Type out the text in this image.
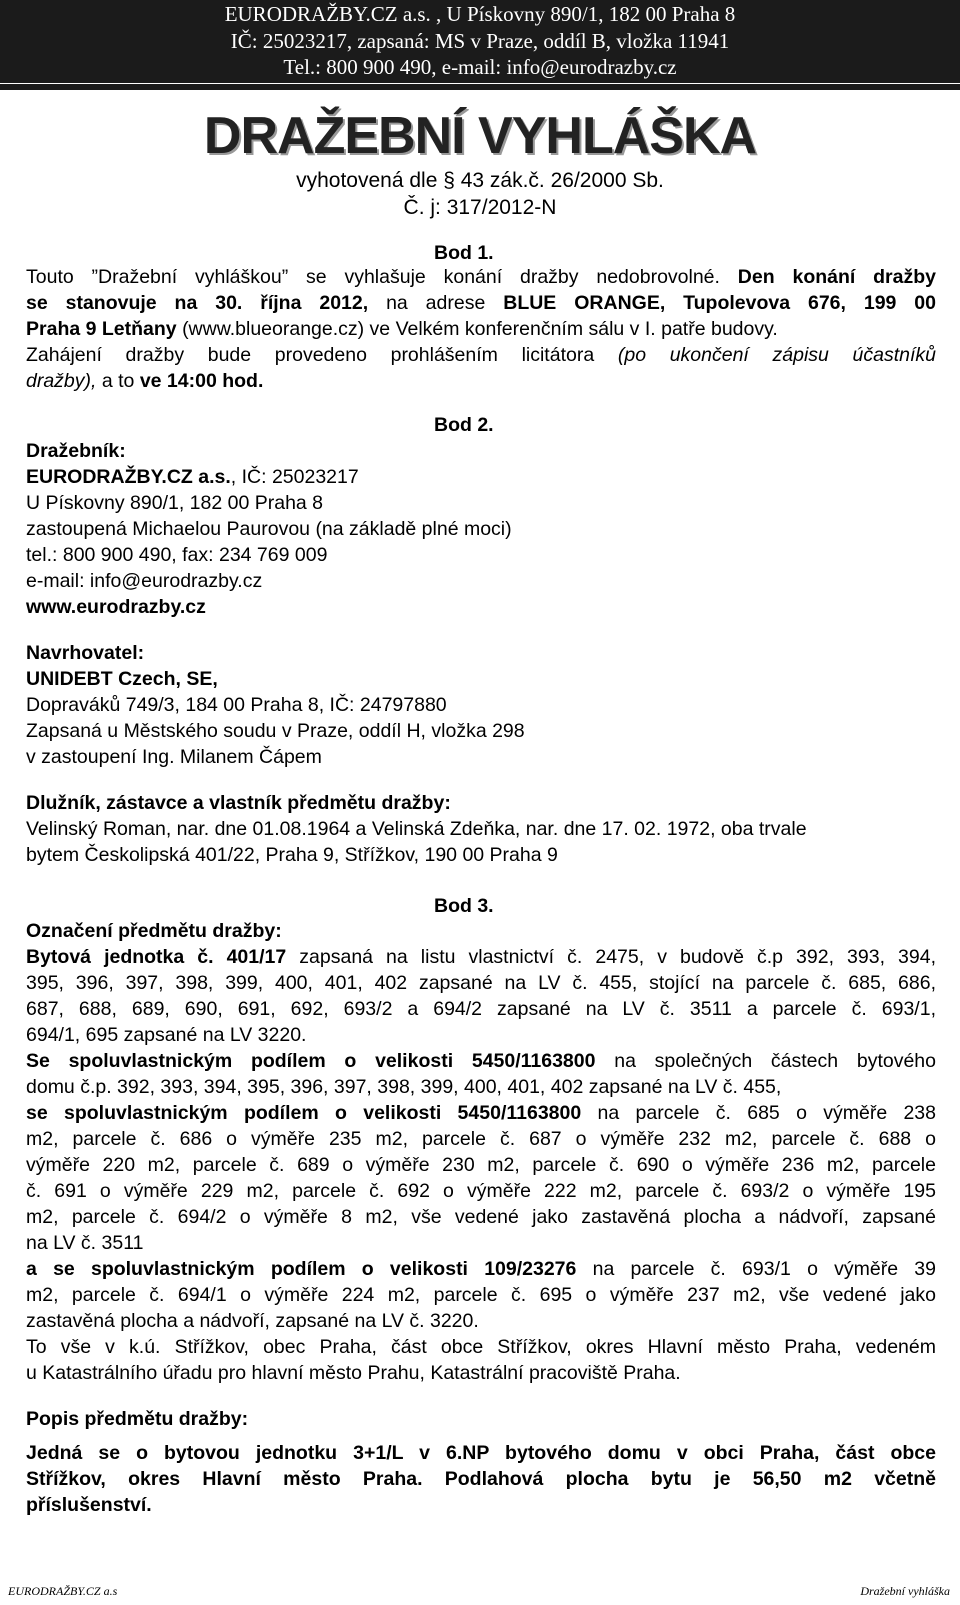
EURODRAŽBY.CZ a.s. , U Pískovny 890/1, 182 00 Praha 8
IČ: 25023217, zapsaná: MS v Praze, oddíl B, vložka 11941
Tel.: 800 900 490, e-mail: info@eurodrazby.cz
DRAŽEBNÍ VYHLÁŠKA
vyhotovená dle § 43 zák.č. 26/2000 Sb.
Č. j: 317/2012-N
Bod 1.
Touto ”Dražební vyhláškou” se vyhlašuje konání dražby nedobrovolné. Den konání dražby
se stanovuje na 30. října 2012, na adrese BLUE ORANGE, Tupolevova 676, 199 00
Praha 9 Letňany (www.blueorange.cz) ve Velkém konferenčním sálu v I. patře budovy.
Zahájení dražby bude provedeno prohlášením licitátora (po ukončení zápisu účastníků
dražby), a to ve 14:00 hod.
Bod 2.
Dražebník:
EURODRAŽBY.CZ a.s., IČ: 25023217
U Pískovny 890/1, 182 00 Praha 8
zastoupená Michaelou Paurovou (na základě plné moci)
tel.: 800 900 490, fax: 234 769 009
e-mail: info@eurodrazby.cz
www.eurodrazby.cz
Navrhovatel:
UNIDEBT Czech, SE,
Dopraváků 749/3, 184 00 Praha 8, IČ: 24797880
Zapsaná u Městského soudu v Praze, oddíl H, vložka 298
v zastoupení Ing. Milanem Čápem
Dlužník, zástavce a vlastník předmětu dražby:
Velinský Roman, nar. dne 01.08.1964 a Velinská Zdeňka, nar. dne 17. 02. 1972, oba trvale
bytem Českolipská 401/22, Praha 9, Střížkov, 190 00 Praha 9
Bod 3.
Označení předmětu dražby:
Bytová jednotka č. 401/17 zapsaná na listu vlastnictví č. 2475, v budově č.p 392, 393, 394,
395, 396, 397, 398, 399, 400, 401, 402 zapsané na LV č. 455, stojící na parcele č. 685, 686,
687, 688, 689, 690, 691, 692, 693/2 a 694/2 zapsané na LV č. 3511 a parcele č. 693/1,
694/1, 695 zapsané na LV 3220.
Se spoluvlastnickým podílem o velikosti 5450/1163800 na společných částech bytového
domu č.p. 392, 393, 394, 395, 396, 397, 398, 399, 400, 401, 402 zapsané na LV č. 455,
se spoluvlastnickým podílem o velikosti 5450/1163800 na parcele č. 685 o výměře 238
m2, parcele č. 686 o výměře 235 m2, parcele č. 687 o výměře 232 m2, parcele č. 688 o
výměře 220 m2, parcele č. 689 o výměře 230 m2, parcele č. 690 o výměře 236 m2, parcele
č. 691 o výměře 229 m2, parcele č. 692 o výměře 222 m2, parcele č. 693/2 o výměře 195
m2, parcele č. 694/2 o výměře 8 m2, vše vedené jako zastavěná plocha a nádvoří, zapsané
na LV č. 3511
a se spoluvlastnickým podílem o velikosti 109/23276 na parcele č. 693/1 o výměře 39
m2, parcele č. 694/1 o výměře 224 m2, parcele č. 695 o výměře 237 m2, vše vedené jako
zastavěná plocha a nádvoří, zapsané na LV č. 3220.
To vše v k.ú. Střížkov, obec Praha, část obce Střížkov, okres Hlavní město Praha, vedeném
u Katastrálního úřadu pro hlavní město Prahu, Katastrální pracoviště Praha.
Popis předmětu dražby:
Jedná se o bytovou jednotku 3+1/L v 6.NP bytového domu v obci Praha, část obce
Střížkov, okres Hlavní město Praha. Podlahová plocha bytu je 56,50 m2 včetně
příslušenství.
EURODRAŽBY.CZ a.s	Dražební vyhláška
